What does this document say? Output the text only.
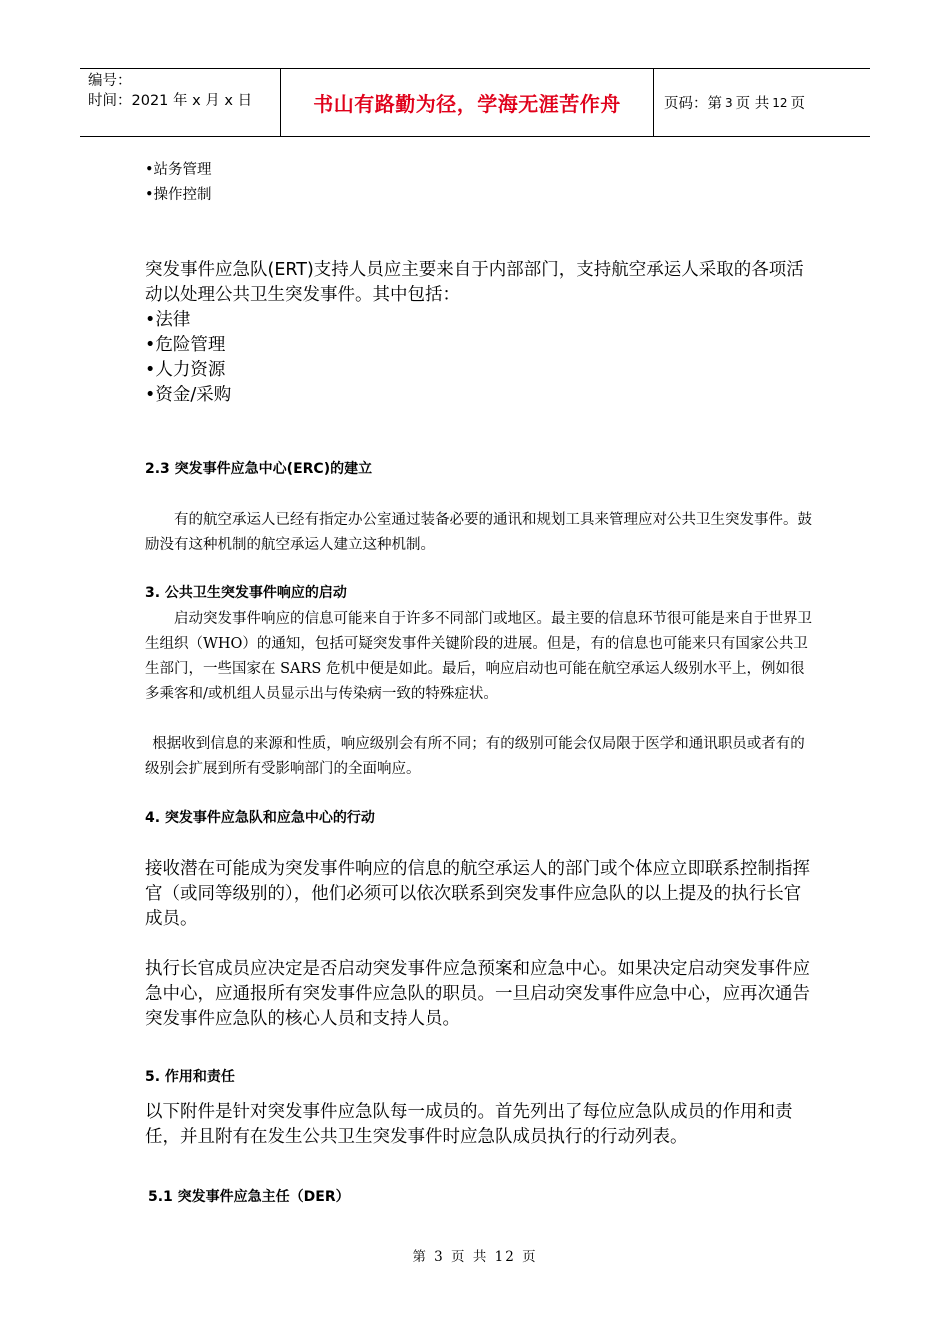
编号：
时间：2021 年 x 月 x 日	书山有路勤为径，学海无涯苦作舟	页码：第 3 页 共 12 页
•站务管理
•操作控制

突发事件应急队(ERT)支持人员应主要来自于内部部门，支持航空承运人采取的各项活动以处理公共卫生突发事件。其中包括：

•法律
•危险管理
•人力资源
•资金/采购
2.3 突发事件应急中心(ERC)的建立

有的航空承运人已经有指定办公室通过装备必要的通讯和规划工具来管理应对公共卫生突发事件。鼓励没有这种机制的航空承运人建立这种机制。

3. 公共卫生突发事件响应的启动

启动突发事件响应的信息可能来自于许多不同部门或地区。最主要的信息环节很可能是来自于世界卫生组织（WHO）的通知，包括可疑突发事件关键阶段的进展。但是，有的信息也可能来只有国家公共卫生部门，一些国家在 SARS 危机中便是如此。最后，响应启动也可能在航空承运人级别水平上，例如很多乘客和/或机组人员显示出与传染病一致的特殊症状。

根据收到信息的来源和性质，响应级别会有所不同；有的级别可能会仅局限于医学和通讯职员或者有的级别会扩展到所有受影响部门的全面响应。

4. 突发事件应急队和应急中心的行动

接收潜在可能成为突发事件响应的信息的航空承运人的部门或个体应立即联系控制指挥官（或同等级别的），他们必须可以依次联系到突发事件应急队的以上提及的执行长官成员。

执行长官成员应决定是否启动突发事件应急预案和应急中心。如果决定启动突发事件应急中心，应通报所有突发事件应急队的职员。一旦启动突发事件应急中心，应再次通告突发事件应急队的核心人员和支持人员。

5. 作用和责任

以下附件是针对突发事件应急队每一成员的。首先列出了每位应急队成员的作用和责任，并且附有在发生公共卫生突发事件时应急队成员执行的行动列表。

5.1 突发事件应急主任（DER）
第 3 页 共 12 页
